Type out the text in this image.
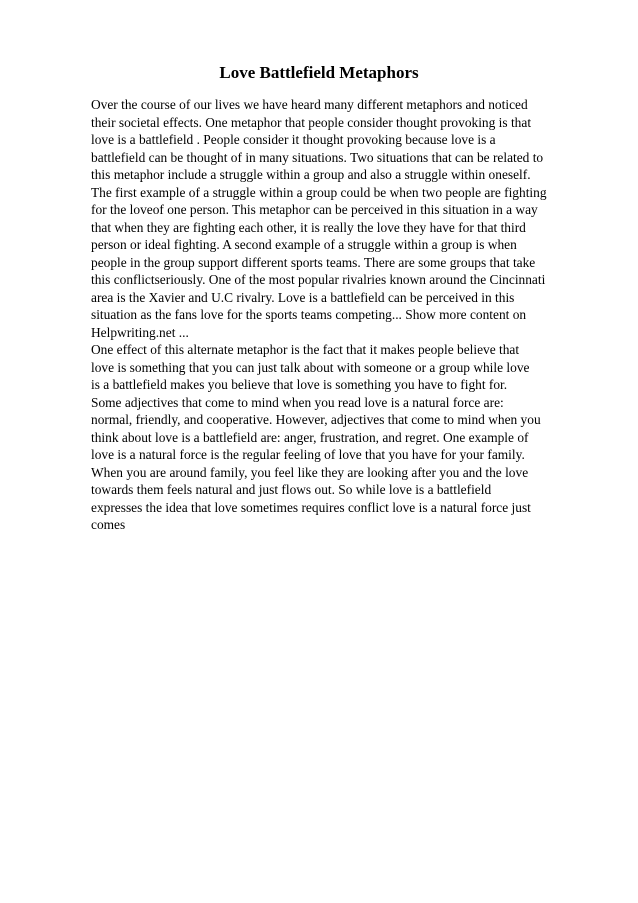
Love Battlefield Metaphors
Over the course of our lives we have heard many different metaphors and noticed
their societal effects. One metaphor that people consider thought provoking is that
love is a battlefield . People consider it thought provoking because love is a
battlefield can be thought of in many situations. Two situations that can be related to
this metaphor include a struggle within a group and also a struggle within oneself.
The first example of a struggle within a group could be when two people are fighting
for the loveof one person. This metaphor can be perceived in this situation in a way
that when they are fighting each other, it is really the love they have for that third
person or ideal fighting. A second example of a struggle within a group is when
people in the group support different sports teams. There are some groups that take
this conflictseriously. One of the most popular rivalries known around the Cincinnati
area is the Xavier and U.C rivalry. Love is a battlefield can be perceived in this
situation as the fans love for the sports teams competing... Show more content on
Helpwriting.net ...
One effect of this alternate metaphor is the fact that it makes people believe that
love is something that you can just talk about with someone or a group while love
is a battlefield makes you believe that love is something you have to fight for.
Some adjectives that come to mind when you read love is a natural force are:
normal, friendly, and cooperative. However, adjectives that come to mind when you
think about love is a battlefield are: anger, frustration, and regret. One example of
love is a natural force is the regular feeling of love that you have for your family.
When you are around family, you feel like they are looking after you and the love
towards them feels natural and just flows out. So while love is a battlefield
expresses the idea that love sometimes requires conflict love is a natural force just
comes
